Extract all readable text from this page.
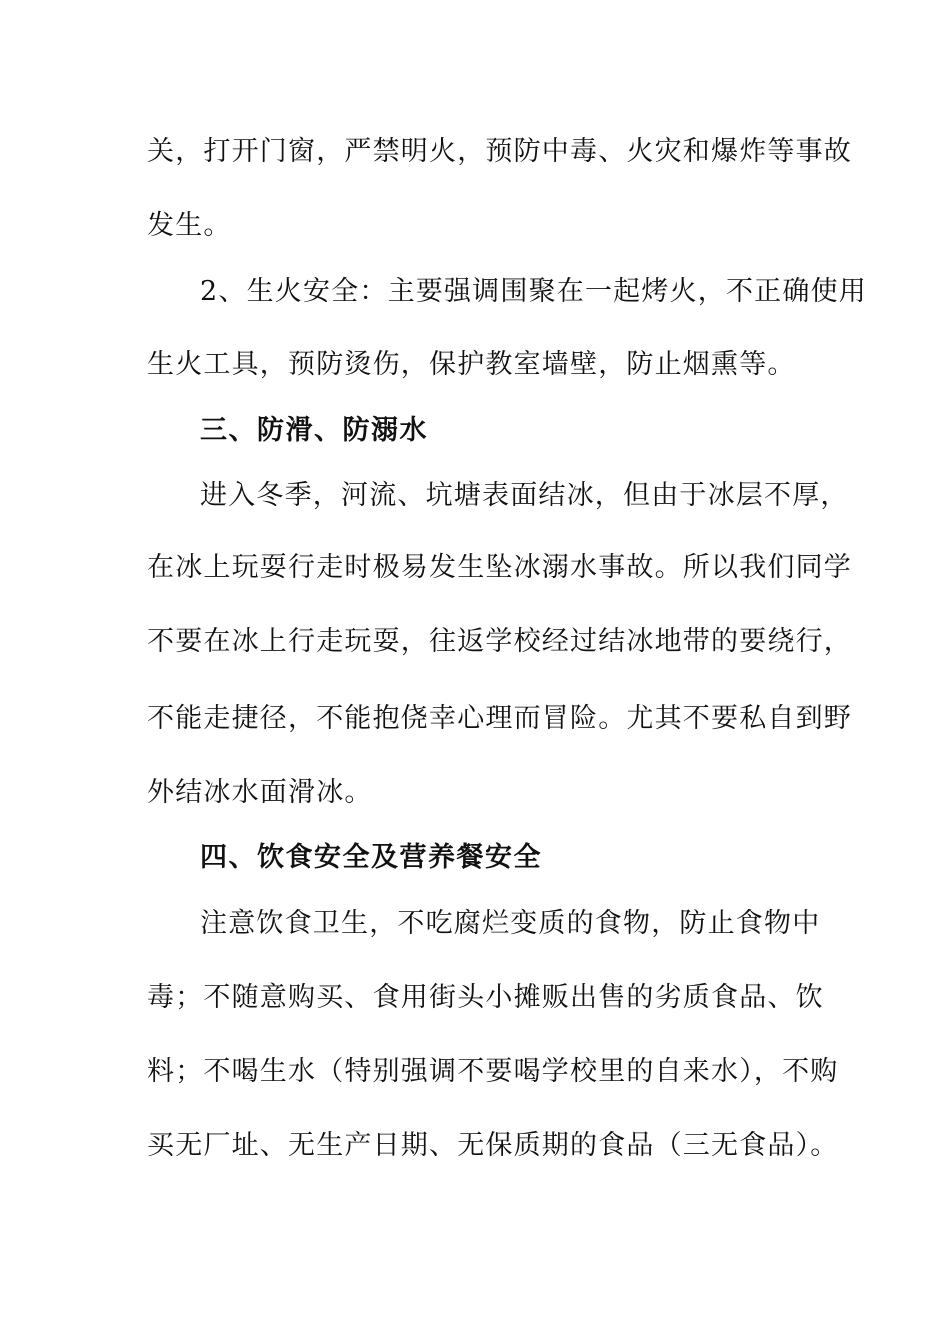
关，打开门窗，严禁明火，预防中毒、火灾和爆炸等事故
发生。
2、生火安全：主要强调围聚在一起烤火，不正确使用
生火工具，预防烫伤，保护教室墙壁，防止烟熏等。
三、防滑、防溺水
进入冬季，河流、坑塘表面结冰，但由于冰层不厚，
在冰上玩耍行走时极易发生坠冰溺水事故。所以我们同学
不要在冰上行走玩耍，往返学校经过结冰地带的要绕行，
不能走捷径，不能抱侥幸心理而冒险。尤其不要私自到野
外结冰水面滑冰。
四、饮食安全及营养餐安全
注意饮食卫生，不吃腐烂变质的食物，防止食物中
毒；不随意购买、食用街头小摊贩出售的劣质食品、饮
料；不喝生水（特别强调不要喝学校里的自来水），不购
买无厂址、无生产日期、无保质期的食品（三无食品）。
